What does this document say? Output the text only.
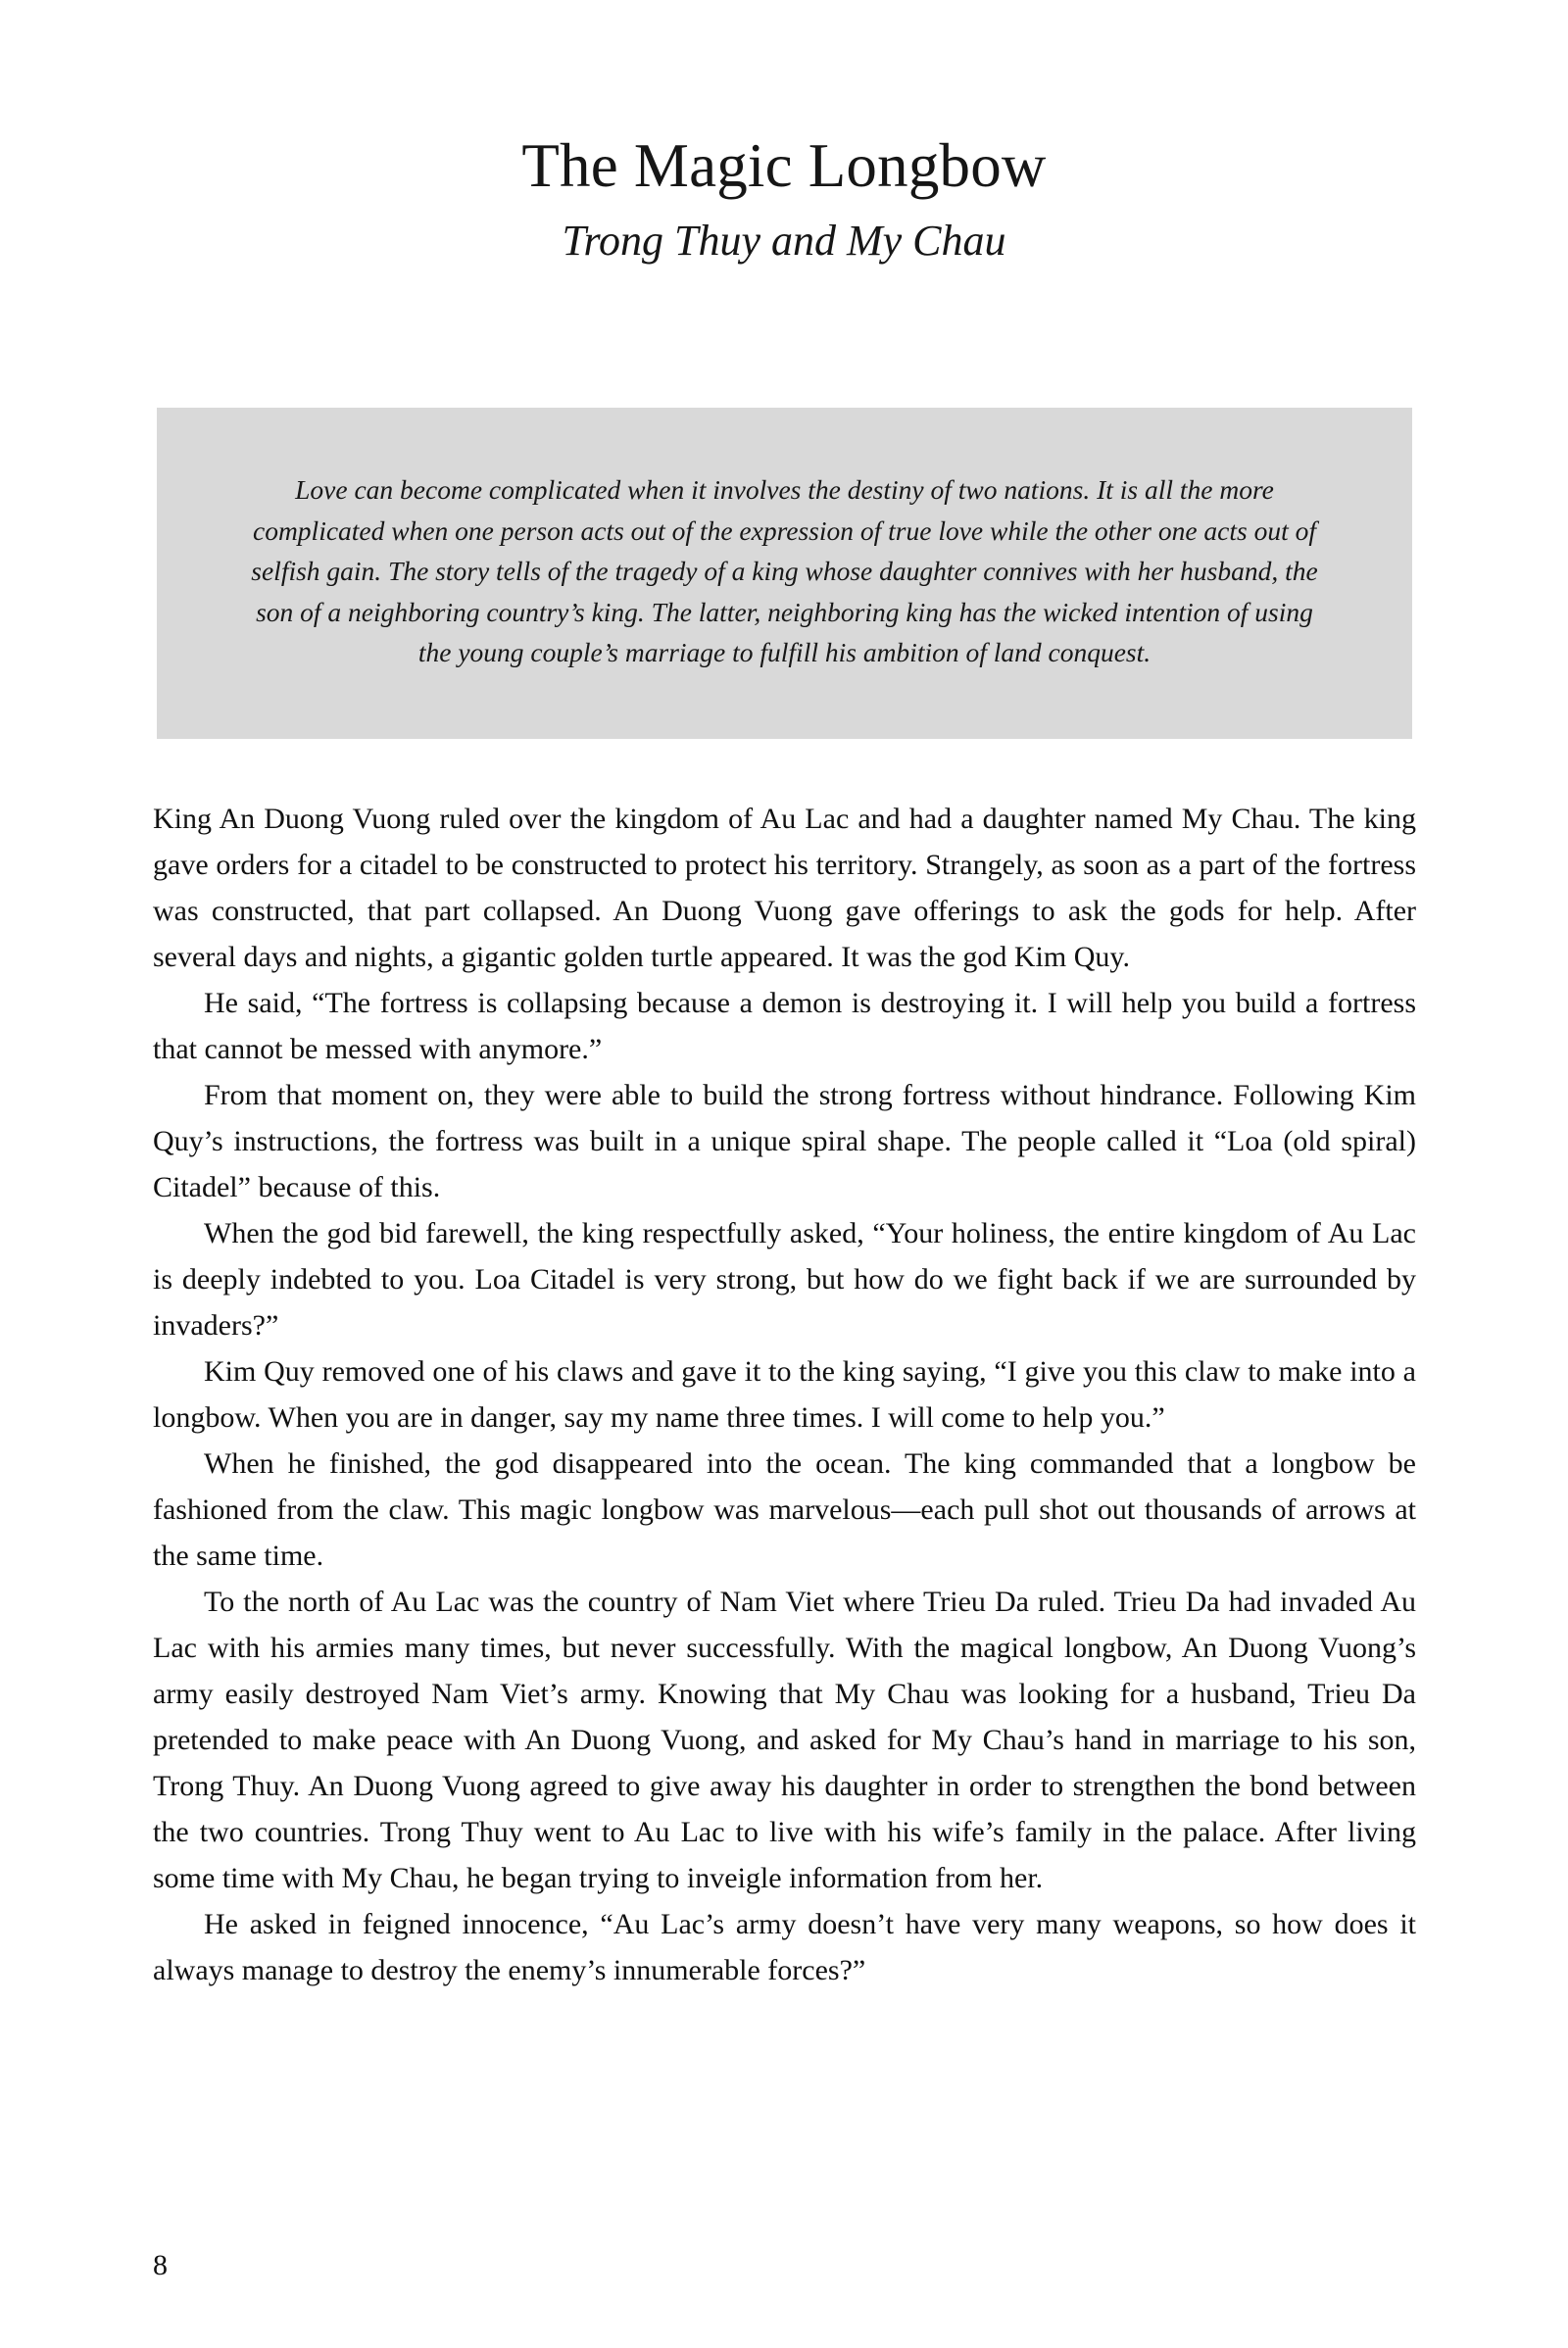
The Magic Longbow
Trong Thuy and My Chau

Love can become complicated when it involves the destiny of two nations. It is all the more complicated when one person acts out of the expression of true love while the other one acts out of selfish gain. The story tells of the tragedy of a king whose daughter connives with her husband, the son of a neighboring country’s king. The latter, neighboring king has the wicked intention of using the young couple’s marriage to fulfill his ambition of land conquest.

King An Duong Vuong ruled over the kingdom of Au Lac and had a daughter named My Chau. The king gave orders for a citadel to be constructed to protect his territory. Strangely, as soon as a part of the fortress was constructed, that part collapsed. An Duong Vuong gave offerings to ask the gods for help. After several days and nights, a gigantic golden turtle appeared. It was the god Kim Quy.

He said, “The fortress is collapsing because a demon is destroying it. I will help you build a fortress that cannot be messed with anymore.”

From that moment on, they were able to build the strong fortress without hindrance. Following Kim Quy’s instructions, the fortress was built in a unique spiral shape. The people called it “Loa (old spiral) Citadel” because of this.

When the god bid farewell, the king respectfully asked, “Your holiness, the entire kingdom of Au Lac is deeply indebted to you. Loa Citadel is very strong, but how do we fight back if we are surrounded by invaders?”

Kim Quy removed one of his claws and gave it to the king saying, “I give you this claw to make into a longbow. When you are in danger, say my name three times. I will come to help you.”

When he finished, the god disappeared into the ocean. The king commanded that a longbow be fashioned from the claw. This magic longbow was marvelous—each pull shot out thousands of arrows at the same time.

To the north of Au Lac was the country of Nam Viet where Trieu Da ruled. Trieu Da had invaded Au Lac with his armies many times, but never successfully. With the magical longbow, An Duong Vuong’s army easily destroyed Nam Viet’s army. Knowing that My Chau was looking for a husband, Trieu Da pretended to make peace with An Duong Vuong, and asked for My Chau’s hand in marriage to his son, Trong Thuy. An Duong Vuong agreed to give away his daughter in order to strengthen the bond between the two countries. Trong Thuy went to Au Lac to live with his wife’s family in the palace. After living some time with My Chau, he began trying to inveigle information from her.

He asked in feigned innocence, “Au Lac’s army doesn’t have very many weapons, so how does it always manage to destroy the enemy’s innumerable forces?”

8
